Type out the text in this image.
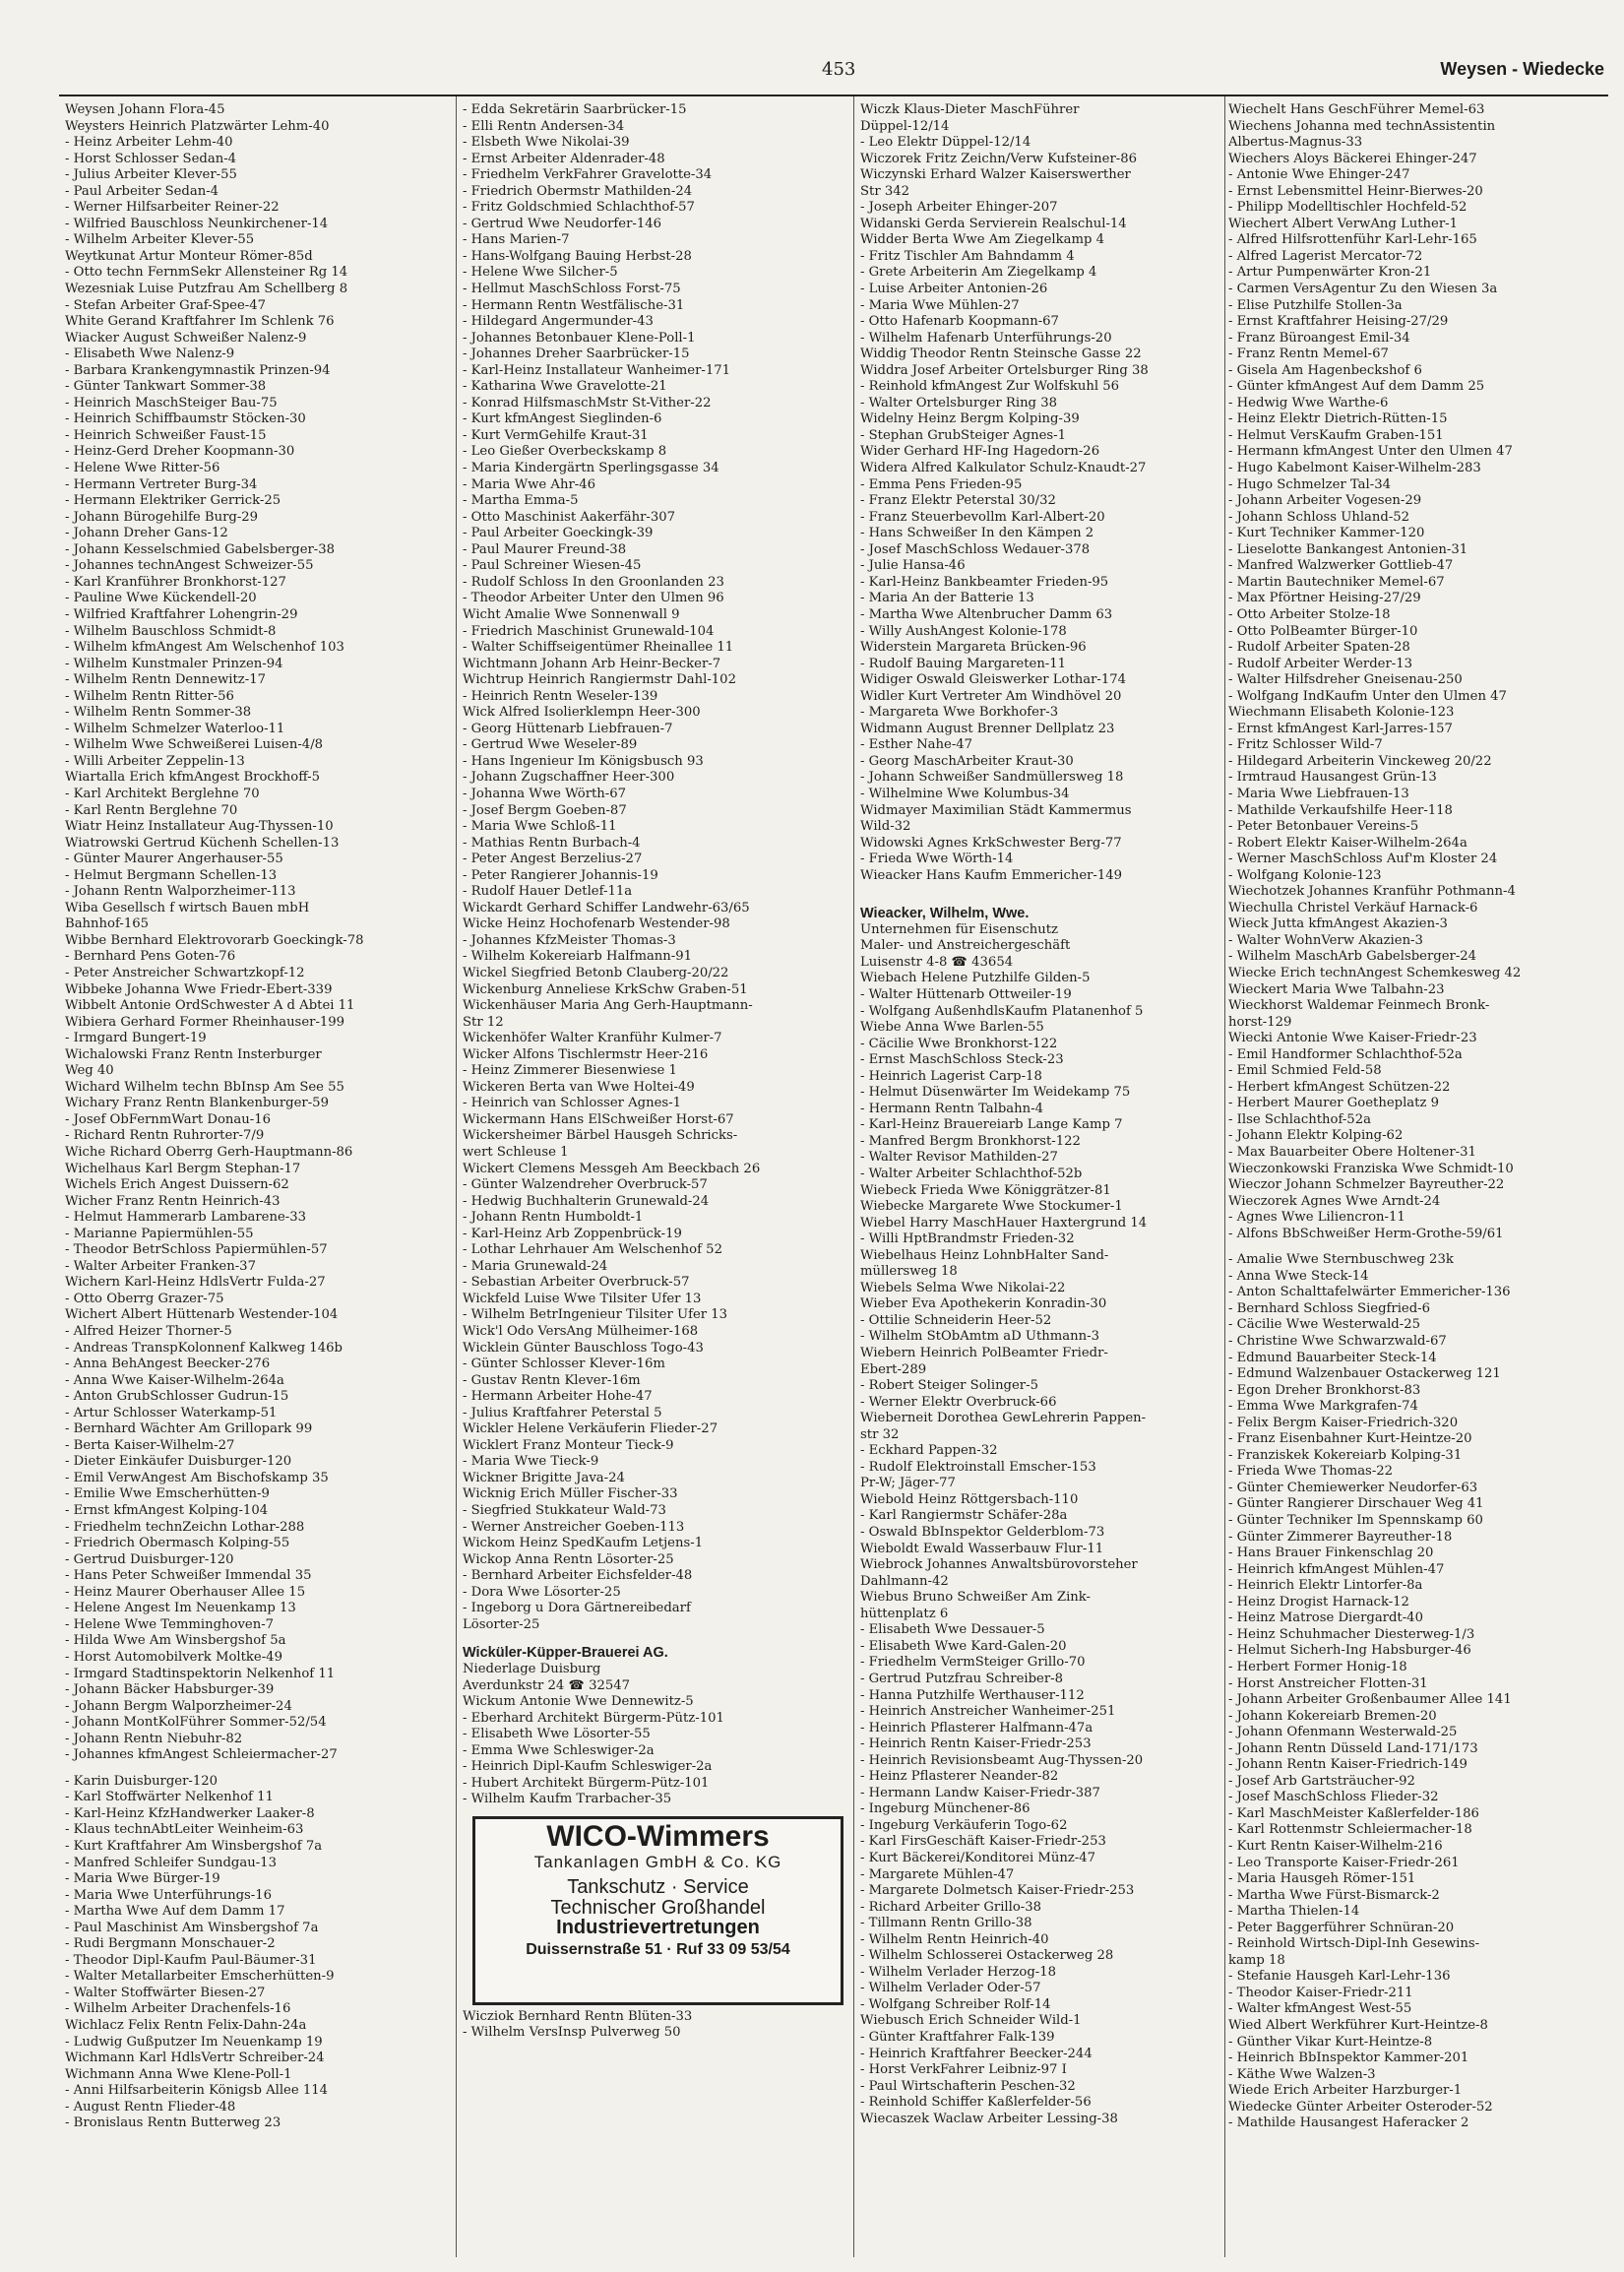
453	Weysen - Wiedecke
Weysen Johann Flora-45
Weysters Heinrich Platzwärter Lehm-40
- Heinz Arbeiter Lehm-40
- Horst Schlosser Sedan-4
- Julius Arbeiter Klever-55
- Paul Arbeiter Sedan-4
- Werner Hilfsarbeiter Reiner-22
- Wilfried Bauschloss Neunkirchener-14
- Wilhelm Arbeiter Klever-55
Weytkunat Artur Monteur Römer-85d
- Otto techn FernmSekr Allensteiner Rg 14
Wezesniak Luise Putzfrau Am Schellberg 8
- Stefan Arbeiter Graf-Spee-47
White Gerand Kraftfahrer Im Schlenk 76
Wiacker August Schweißer Nalenz-9
- Elisabeth Wwe Nalenz-9
- Barbara Krankengymnastik Prinzen-94
- Günter Tankwart Sommer-38
- Heinrich MaschSteiger Bau-75
- Heinrich Schiffbaumstr Stöcken-30
- Heinrich Schweißer Faust-15
- Heinz-Gerd Dreher Koopmann-30
- Helene Wwe Ritter-56
- Hermann Vertreter Burg-34
- Hermann Elektriker Gerrick-25
- Johann Bürogehilfe Burg-29
- Johann Dreher Gans-12
- Johann Kesselschmied Gabelsberger-38
- Johannes technAngest Schweizer-55
- Karl Kranführer Bronkhorst-127
- Pauline Wwe Kückendell-20
- Wilfried Kraftfahrer Lohengrin-29
- Wilhelm Bauschloss Schmidt-8
- Wilhelm kfmAngest Am Welschenhof 103
- Wilhelm Kunstmaler Prinzen-94
- Wilhelm Rentn Dennewitz-17
- Wilhelm Rentn Ritter-56
- Wilhelm Rentn Sommer-38
- Wilhelm Schmelzer Waterloo-11
- Wilhelm Wwe Schweißerei Luisen-4/8
- Willi Arbeiter Zeppelin-13
Wiartalla Erich kfmAngest Brockhoff-5
- Karl Architekt Berglehne 70
- Karl Rentn Berglehne 70
Wiatr Heinz Installateur Aug-Thyssen-10
Wiatrowski Gertrud Küchenh Schellen-13
- Günter Maurer Angerhauser-55
- Helmut Bergmann Schellen-13
- Johann Rentn Walporzheimer-113
Wiba Gesellsch f wirtsch Bauen mbH
Bahnhof-165
Wibbe Bernhard Elektrovorarb Goeckingk-78
- Bernhard Pens Goten-76
- Peter Anstreicher Schwartzkopf-12
Wibbeke Johanna Wwe Friedr-Ebert-339
Wibbelt Antonie OrdSchwester A d Abtei 11
Wibiera Gerhard Former Rheinhauser-199
- Irmgard Bungert-19
Wichalowski Franz Rentn Insterburger
Weg 40
Wichard Wilhelm techn BbInsp Am See 55
Wichary Franz Rentn Blankenburger-59
- Josef ObFernmWart Donau-16
- Richard Rentn Ruhrorter-7/9
Wiche Richard Oberrg Gerh-Hauptmann-86
Wichelhaus Karl Bergm Stephan-17
Wichels Erich Angest Duissern-62
Wicher Franz Rentn Heinrich-43
- Helmut Hammerarb Lambarene-33
- Marianne Papiermühlen-55
- Theodor BetrSchloss Papiermühlen-57
- Walter Arbeiter Franken-37
Wichern Karl-Heinz HdlsVertr Fulda-27
- Otto Oberrg Grazer-75
Wichert Albert Hüttenarb Westender-104
- Alfred Heizer Thorner-5
- Andreas TranspKolonnenf Kalkweg 146b
- Anna BehAngest Beecker-276
- Anna Wwe Kaiser-Wilhelm-264a
- Anton GrubSchlosser Gudrun-15
- Artur Schlosser Waterkamp-51
- Bernhard Wächter Am Grillopark 99
- Berta Kaiser-Wilhelm-27
- Dieter Einkäufer Duisburger-120
- Emil VerwAngest Am Bischofskamp 35
- Emilie Wwe Emscherhütten-9
- Ernst kfmAngest Kolping-104
- Friedhelm technZeichn Lothar-288
- Friedrich Obermasch Kolping-55
- Gertrud Duisburger-120
- Hans Peter Schweißer Immendal 35
- Heinz Maurer Oberhauser Allee 15
- Helene Angest Im Neuenkamp 13
- Helene Wwe Temminghoven-7
- Hilda Wwe Am Winsbergshof 5a
- Horst Automobilverk Moltke-49
- Irmgard Stadtinspektorin Nelkenhof 11
- Johann Bäcker Habsburger-39
- Johann Bergm Walporzheimer-24
- Johann MontKolFührer Sommer-52/54
- Johann Rentn Niebuhr-82
- Johannes kfmAngest Schleiermacher-27
- Karin Duisburger-120
- Karl Stoffwärter Nelkenhof 11
- Karl-Heinz KfzHandwerker Laaker-8
- Klaus technAbtLeiter Weinheim-63
- Kurt Kraftfahrer Am Winsbergshof 7a
- Manfred Schleifer Sundgau-13
- Maria Wwe Bürger-19
- Maria Wwe Unterführungs-16
- Martha Wwe Auf dem Damm 17
- Paul Maschinist Am Winsbergshof 7a
- Rudi Bergmann Monschauer-2
- Theodor Dipl-Kaufm Paul-Bäumer-31
- Walter Metallarbeiter Emscherhütten-9
- Walter Stoffwärter Biesen-27
- Wilhelm Arbeiter Drachenfels-16
Wichlacz Felix Rentn Felix-Dahn-24a
- Ludwig Gußputzer Im Neuenkamp 19
Wichmann Karl HdlsVertr Schreiber-24
Wichmann Anna Wwe Klene-Poll-1
- Anni Hilfsarbeiterin Königsb Allee 114
- August Rentn Flieder-48
- Bronislaus Rentn Butterweg 23
- Edda Sekretärin Saarbrücker-15
- Elli Rentn Andersen-34
- Elsbeth Wwe Nikolai-39
- Ernst Arbeiter Aldenrader-48
- Friedhelm VerkFahrer Gravelotte-34
- Friedrich Obermstr Mathilden-24
- Fritz Goldschmied Schlachthof-57
- Gertrud Wwe Neudorfer-146
- Hans Marien-7
- Hans-Wolfgang Bauing Herbst-28
- Helene Wwe Silcher-5
- Hellmut MaschSchloss Forst-75
- Hermann Rentn Westfälische-31
- Hildegard Angermunder-43
- Johannes Betonbauer Klene-Poll-1
- Johannes Dreher Saarbrücker-15
- Karl-Heinz Installateur Wanheimer-171
- Katharina Wwe Gravelotte-21
- Konrad HilfsmaschMstr St-Vither-22
- Kurt kfmAngest Sieglinden-6
- Kurt VermGehilfe Kraut-31
- Leo Gießer Overbeckskamp 8
- Maria Kindergärtn Sperlingsgasse 34
- Maria Wwe Ahr-46
- Martha Emma-5
- Otto Maschinist Aakerfähr-307
- Paul Arbeiter Goeckingk-39
- Paul Maurer Freund-38
- Paul Schreiner Wiesen-45
- Rudolf Schloss In den Groonlanden 23
- Theodor Arbeiter Unter den Ulmen 96
Wicht Amalie Wwe Sonnenwall 9
- Friedrich Maschinist Grunewald-104
- Walter Schiffseigentümer Rheinallee 11
Wichtmann Johann Arb Heinr-Becker-7
Wichtrup Heinrich Rangiermstr Dahl-102
- Heinrich Rentn Weseler-139
Wick Alfred Isolierklempn Heer-300
- Georg Hüttenarb Liebfrauen-7
- Gertrud Wwe Weseler-89
- Hans Ingenieur Im Königsbusch 93
- Johann Zugschaffner Heer-300
- Johanna Wwe Wörth-67
- Josef Bergm Goeben-87
- Maria Wwe Schloß-11
- Mathias Rentn Burbach-4
- Peter Angest Berzelius-27
- Peter Rangierer Johannis-19
- Rudolf Hauer Detlef-11a
Wickardt Gerhard Schiffer Landwehr-63/65
Wicke Heinz Hochofenarb Westender-98
- Johannes KfzMeister Thomas-3
- Wilhelm Kokereiarb Halfmann-91
Wickel Siegfried Betonb Clauberg-20/22
Wickenburg Anneliese KrkSchw Graben-51
Wickenhäuser Maria Ang Gerh-Hauptmann-
Str 12
Wickenhöfer Walter Kranführ Kulmer-7
Wicker Alfons Tischlermstr Heer-216
- Heinz Zimmerer Biesenwiese 1
Wickeren Berta van Wwe Holtei-49
- Heinrich van Schlosser Agnes-1
Wickermann Hans ElSchweißer Horst-67
Wickersheimer Bärbel Hausgeh Schricks-
wert Schleuse 1
Wickert Clemens Messgeh Am Beeckbach 26
- Günter Walzendreher Overbruck-57
- Hedwig Buchhalterin Grunewald-24
- Johann Rentn Humboldt-1
- Karl-Heinz Arb Zoppenbrück-19
- Lothar Lehrhauer Am Welschenhof 52
- Maria Grunewald-24
- Sebastian Arbeiter Overbruck-57
Wickfeld Luise Wwe Tilsiter Ufer 13
- Wilhelm BetrIngenieur Tilsiter Ufer 13
Wick'l Odo VersAng Mülheimer-168
Wicklein Günter Bauschloss Togo-43
- Günter Schlosser Klever-16m
- Gustav Rentn Klever-16m
- Hermann Arbeiter Hohe-47
- Julius Kraftfahrer Peterstal 5
Wickler Helene Verkäuferin Flieder-27
Wicklert Franz Monteur Tieck-9
- Maria Wwe Tieck-9
Wickner Brigitte Java-24
Wicknig Erich Müller Fischer-33
- Siegfried Stukkateur Wald-73
- Werner Anstreicher Goeben-113
Wickom Heinz SpedKaufm Letjens-1
Wickop Anna Rentn Lösorter-25
- Bernhard Arbeiter Eichsfelder-48
- Dora Wwe Lösorter-25
- Ingeborg u Dora Gärtnereibedarf
Lösorter-25
Wicküler-Küpper-Brauerei AG.
Niederlage Duisburg
Averdunkstr 24 ☎ 32547
Wickum Antonie Wwe Dennewitz-5
- Eberhard Architekt Bürgerm-Pütz-101
- Elisabeth Wwe Lösorter-55
- Emma Wwe Schleswiger-2a
- Heinrich Dipl-Kaufm Schleswiger-2a
- Hubert Architekt Bürgerm-Pütz-101
- Wilhelm Kaufm Trarbacher-35
WICO-Wimmers
Tankanlagen GmbH & Co. KG
Tankschutz · Service
Technischer Großhandel
Industrievertretungen
Duissernstraße 51 · Ruf 33 09 53/54
Wicziok Bernhard Rentn Blüten-33
- Wilhelm VersInsp Pulverweg 50
Wiczk Klaus-Dieter MaschFührer
Düppel-12/14
- Leo Elektr Düppel-12/14
Wiczorek Fritz Zeichn/Verw Kufsteiner-86
Wiczynski Erhard Walzer Kaiserswerther
Str 342
- Joseph Arbeiter Ehinger-207
Widanski Gerda Servierein Realschul-14
Widder Berta Wwe Am Ziegelkamp 4
- Fritz Tischler Am Bahndamm 4
- Grete Arbeiterin Am Ziegelkamp 4
- Luise Arbeiter Antonien-26
- Maria Wwe Mühlen-27
- Otto Hafenarb Koopmann-67
- Wilhelm Hafenarb Unterführungs-20
Widdig Theodor Rentn Steinsche Gasse 22
Widdra Josef Arbeiter Ortelsburger Ring 38
- Reinhold kfmAngest Zur Wolfskuhl 56
- Walter Ortelsburger Ring 38
Widelny Heinz Bergm Kolping-39
- Stephan GrubSteiger Agnes-1
Wider Gerhard HF-Ing Hagedorn-26
Widera Alfred Kalkulator Schulz-Knaudt-27
- Emma Pens Frieden-95
- Franz Elektr Peterstal 30/32
- Franz Steuerbevollm Karl-Albert-20
- Hans Schweißer In den Kämpen 2
- Josef MaschSchloss Wedauer-378
- Julie Hansa-46
- Karl-Heinz Bankbeamter Frieden-95
- Maria An der Batterie 13
- Martha Wwe Altenbrucher Damm 63
- Willy AushAngest Kolonie-178
Widerstein Margareta Brücken-96
- Rudolf Bauing Margareten-11
Widiger Oswald Gleiswerker Lothar-174
Widler Kurt Vertreter Am Windhövel 20
- Margareta Wwe Borkhofer-3
Widmann August Brenner Dellplatz 23
- Esther Nahe-47
- Georg MaschArbeiter Kraut-30
- Johann Schweißer Sandmüllersweg 18
- Wilhelmine Wwe Kolumbus-34
Widmayer Maximilian Städt Kammermus
Wild-32
Widowski Agnes KrkSchwester Berg-77
- Frieda Wwe Wörth-14
Wieacker Hans Kaufm Emmericher-149
Wieacker, Wilhelm, Wwe.
Unternehmen für Eisenschutz
Maler- und Anstreichergeschäft
Luisenstr 4-8 ☎ 43654
Wiebach Helene Putzhilfe Gilden-5
- Walter Hüttenarb Ottweiler-19
- Wolfgang AußenhdlsKaufm Platanenhof 5
Wiebe Anna Wwe Barlen-55
- Cäcilie Wwe Bronkhorst-122
- Ernst MaschSchloss Steck-23
- Heinrich Lagerist Carp-18
- Helmut Düsenwärter Im Weidekamp 75
- Hermann Rentn Talbahn-4
- Karl-Heinz Brauereiarb Lange Kamp 7
- Manfred Bergm Bronkhorst-122
- Walter Revisor Mathilden-27
- Walter Arbeiter Schlachthof-52b
Wiebeck Frieda Wwe Königgrätzer-81
Wiebecke Margarete Wwe Stockumer-1
Wiebel Harry MaschHauer Haxtergrund 14
- Willi HptBrandmstr Frieden-32
Wiebelhaus Heinz LohnbHalter Sand-
müllersweg 18
Wiebels Selma Wwe Nikolai-22
Wieber Eva Apothekerin Konradin-30
- Ottilie Schneiderin Heer-52
- Wilhelm StObAmtm aD Uthmann-3
Wiebern Heinrich PolBeamter Friedr-
Ebert-289
- Robert Steiger Solinger-5
- Werner Elektr Overbruck-66
Wieberneit Dorothea GewLehrerin Pappen-
str 32
- Eckhard Pappen-32
- Rudolf Elektroinstall Emscher-153
Pr-W; Jäger-77
Wiebold Heinz Röttgersbach-110
- Karl Rangiermstr Schäfer-28a
- Oswald BbInspektor Gelderblom-73
Wieboldt Ewald Wasserbauw Flur-11
Wiebrock Johannes Anwaltsbürovorsteher
Dahlmann-42
Wiebus Bruno Schweißer Am Zink-
hüttenplatz 6
- Elisabeth Wwe Dessauer-5
- Elisabeth Wwe Kard-Galen-20
- Friedhelm VermSteiger Grillo-70
- Gertrud Putzfrau Schreiber-8
- Hanna Putzhilfe Werthauser-112
- Heinrich Anstreicher Wanheimer-251
- Heinrich Pflasterer Halfmann-47a
- Heinrich Rentn Kaiser-Friedr-253
- Heinrich Revisionsbeamt Aug-Thyssen-20
- Heinz Pflasterer Neander-82
- Hermann Landw Kaiser-Friedr-387
- Ingeburg Münchener-86
- Ingeburg Verkäuferin Togo-62
- Karl FirsGeschäft Kaiser-Friedr-253
- Kurt Bäckerei/Konditorei Münz-47
- Margarete Mühlen-47
- Margarete Dolmetsch Kaiser-Friedr-253
- Richard Arbeiter Grillo-38
- Tillmann Rentn Grillo-38
- Wilhelm Rentn Heinrich-40
- Wilhelm Schlosserei Ostackerweg 28
- Wilhelm Verlader Herzog-18
- Wilhelm Verlader Oder-57
- Wolfgang Schreiber Rolf-14
Wiebusch Erich Schneider Wild-1
- Günter Kraftfahrer Falk-139
- Heinrich Kraftfahrer Beecker-244
- Horst VerkFahrer Leibniz-97 I
- Paul Wirtschafterin Peschen-32
- Reinhold Schiffer Kaßlerfelder-56
Wiecaszek Waclaw Arbeiter Lessing-38
Wiechelt Hans GeschFührer Memel-63
Wiechens Johanna med technAssistentin
Albertus-Magnus-33
Wiechers Aloys Bäckerei Ehinger-247
- Antonie Wwe Ehinger-247
- Ernst Lebensmittel Heinr-Bierwes-20
- Philipp Modelltischler Hochfeld-52
Wiechert Albert VerwAng Luther-1
- Alfred Hilfsrottenführ Karl-Lehr-165
- Alfred Lagerist Mercator-72
- Artur Pumpenwärter Kron-21
- Carmen VersAgentur Zu den Wiesen 3a
- Elise Putzhilfe Stollen-3a
- Ernst Kraftfahrer Heising-27/29
- Franz Büroangest Emil-34
- Franz Rentn Memel-67
- Gisela Am Hagenbeckshof 6
- Günter kfmAngest Auf dem Damm 25
- Hedwig Wwe Warthe-6
- Heinz Elektr Dietrich-Rütten-15
- Helmut VersKaufm Graben-151
- Hermann kfmAngest Unter den Ulmen 47
- Hugo Kabelmont Kaiser-Wilhelm-283
- Hugo Schmelzer Tal-34
- Johann Arbeiter Vogesen-29
- Johann Schloss Uhland-52
- Kurt Techniker Kammer-120
- Lieselotte Bankangest Antonien-31
- Manfred Walzwerker Gottlieb-47
- Martin Bautechniker Memel-67
- Max Pförtner Heising-27/29
- Otto Arbeiter Stolze-18
- Otto PolBeamter Bürger-10
- Rudolf Arbeiter Spaten-28
- Rudolf Arbeiter Werder-13
- Walter Hilfsdreher Gneisenau-250
- Wolfgang IndKaufm Unter den Ulmen 47
Wiechmann Elisabeth Kolonie-123
- Ernst kfmAngest Karl-Jarres-157
- Fritz Schlosser Wild-7
- Hildegard Arbeiterin Vinckeweg 20/22
- Irmtraud Hausangest Grün-13
- Maria Wwe Liebfrauen-13
- Mathilde Verkaufshilfe Heer-118
- Peter Betonbauer Vereins-5
- Robert Elektr Kaiser-Wilhelm-264a
- Werner MaschSchloss Auf'm Kloster 24
- Wolfgang Kolonie-123
Wiechotzek Johannes Kranführ Pothmann-4
Wiechulla Christel Verkäuf Harnack-6
Wieck Jutta kfmAngest Akazien-3
- Walter WohnVerw Akazien-3
- Wilhelm MaschArb Gabelsberger-24
Wiecke Erich technAngest Schemkesweg 42
Wieckert Maria Wwe Talbahn-23
Wieckhorst Waldemar Feinmech Bronk-
horst-129
Wiecki Antonie Wwe Kaiser-Friedr-23
- Emil Handformer Schlachthof-52a
- Emil Schmied Feld-58
- Herbert kfmAngest Schützen-22
- Herbert Maurer Goetheplatz 9
- Ilse Schlachthof-52a
- Johann Elektr Kolping-62
- Max Bauarbeiter Obere Holtener-31
Wieczonkowski Franziska Wwe Schmidt-10
Wieczor Johann Schmelzer Bayreuther-22
Wieczorek Agnes Wwe Arndt-24
- Agnes Wwe Liliencron-11
- Alfons BbSchweißer Herm-Grothe-59/61
- Amalie Wwe Sternbuschweg 23k
- Anna Wwe Steck-14
- Anton Schalttafelwärter Emmericher-136
- Bernhard Schloss Siegfried-6
- Cäcilie Wwe Westerwald-25
- Christine Wwe Schwarzwald-67
- Edmund Bauarbeiter Steck-14
- Edmund Walzenbauer Ostackerweg 121
- Egon Dreher Bronkhorst-83
- Emma Wwe Markgrafen-74
- Felix Bergm Kaiser-Friedrich-320
- Franz Eisenbahner Kurt-Heintze-20
- Franziskek Kokereiarb Kolping-31
- Frieda Wwe Thomas-22
- Günter Chemiewerker Neudorfer-63
- Günter Rangierer Dirschauer Weg 41
- Günter Techniker Im Spennskamp 60
- Günter Zimmerer Bayreuther-18
- Hans Brauer Finkenschlag 20
- Heinrich kfmAngest Mühlen-47
- Heinrich Elektr Lintorfer-8a
- Heinz Drogist Harnack-12
- Heinz Matrose Diergardt-40
- Heinz Schuhmacher Diesterweg-1/3
- Helmut Sicherh-Ing Habsburger-46
- Herbert Former Honig-18
- Horst Anstreicher Flotten-31
- Johann Arbeiter Großenbaumer Allee 141
- Johann Kokereiarb Bremen-20
- Johann Ofenmann Westerwald-25
- Johann Rentn Düsseld Land-171/173
- Johann Rentn Kaiser-Friedrich-149
- Josef Arb Gartsträucher-92
- Josef MaschSchloss Flieder-32
- Karl MaschMeister Kaßlerfelder-186
- Karl Rottenmstr Schleiermacher-18
- Kurt Rentn Kaiser-Wilhelm-216
- Leo Transporte Kaiser-Friedr-261
- Maria Hausgeh Römer-151
- Martha Wwe Fürst-Bismarck-2
- Martha Thielen-14
- Peter Baggerführer Schnüran-20
- Reinhold Wirtsch-Dipl-Inh Gesewins-
kamp 18
- Stefanie Hausgeh Karl-Lehr-136
- Theodor Kaiser-Friedr-211
- Walter kfmAngest West-55
Wied Albert Werkführer Kurt-Heintze-8
- Günther Vikar Kurt-Heintze-8
- Heinrich BbInspektor Kammer-201
- Käthe Wwe Walzen-3
Wiede Erich Arbeiter Harzburger-1
Wiedecke Günter Arbeiter Osteroder-52
- Mathilde Hausangest Haferacker 2
